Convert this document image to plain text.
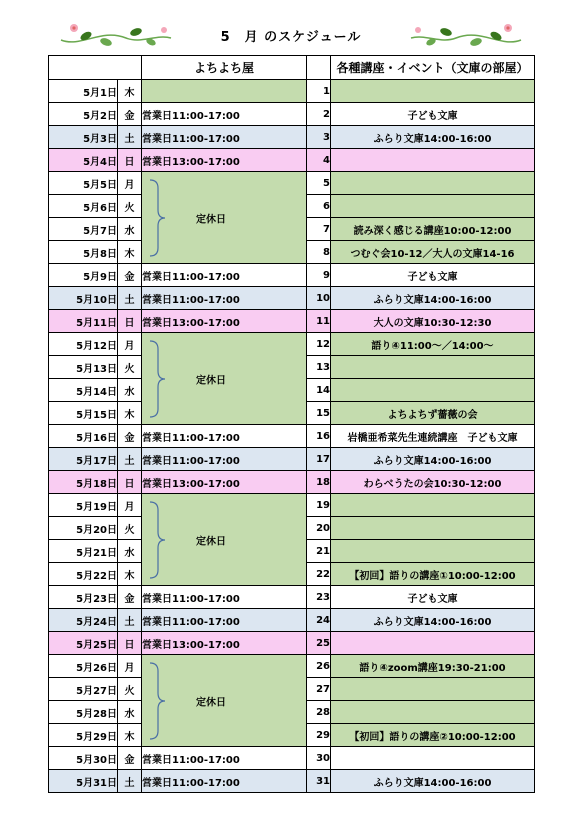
5　月 のスケジュール
		よちよち屋		各種講座・イベント（文庫の部屋）
5月1日	木		1	
5月2日	金	営業日11:00-17:00	2	子ども文庫
5月3日	土	営業日11:00-17:00	3	ふらり文庫14:00-16:00
5月4日	日	営業日13:00-17:00	4	
5月5日	月	定休日	5	
5月6日	火		6	
5月7日	水		7	読み深く感じる講座10:00-12:00
5月8日	木		8	つむぐ会10-12／大人の文庫14-16
5月9日	金	営業日11:00-17:00	9	子ども文庫
5月10日	土	営業日11:00-17:00	10	ふらり文庫14:00-16:00
5月11日	日	営業日13:00-17:00	11	大人の文庫10:30-12:30
5月12日	月	定休日	12	語り④11:00～／14:00～
5月13日	火		13	
5月14日	水		14	
5月15日	木		15	よちよちず薔薇の会
5月16日	金	営業日11:00-17:00	16	岩橋亜希菜先生連続講座　子ども文庫
5月17日	土	営業日11:00-17:00	17	ふらり文庫14:00-16:00
5月18日	日	営業日13:00-17:00	18	わらべうたの会10:30-12:00
5月19日	月	定休日	19	
5月20日	火		20	
5月21日	水		21	
5月22日	木		22	【初回】語りの講座①10:00-12:00
5月23日	金	営業日11:00-17:00	23	子ども文庫
5月24日	土	営業日11:00-17:00	24	ふらり文庫14:00-16:00
5月25日	日	営業日13:00-17:00	25	
5月26日	月	定休日	26	語り④zoom講座19:30-21:00
5月27日	火		27	
5月28日	水		28	
5月29日	木		29	【初回】語りの講座②10:00-12:00
5月30日	金	営業日11:00-17:00	30	
5月31日	土	営業日11:00-17:00	31	ふらり文庫14:00-16:00
